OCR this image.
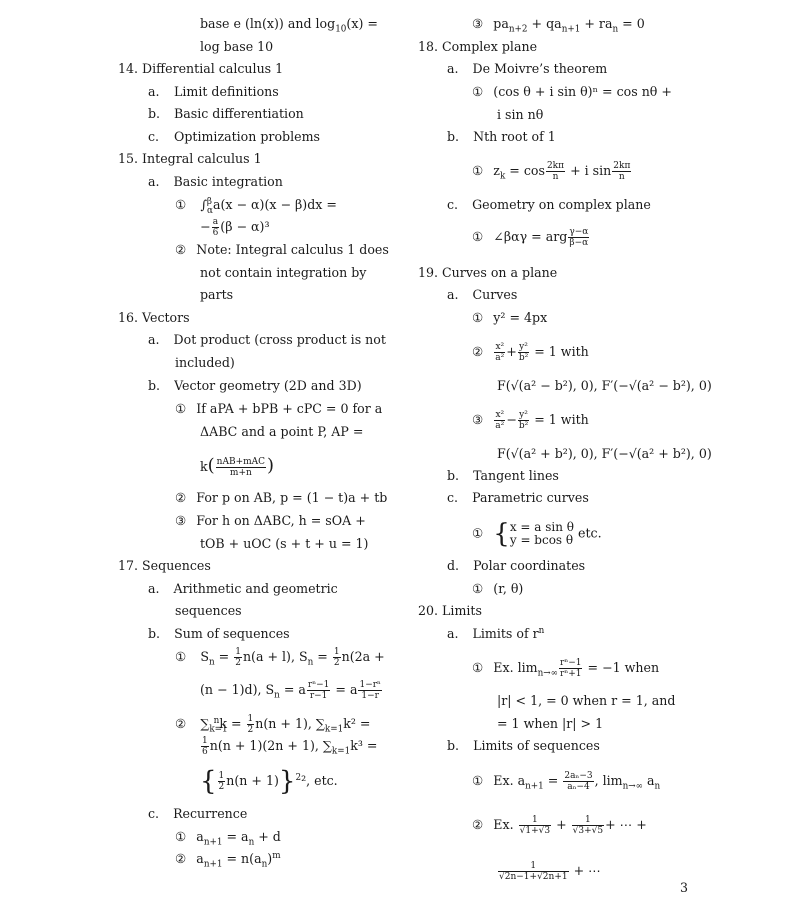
base e (ln(x)) and $\log_{10}(x)$ =
log base 10
14. Differential calculus 1
a. Limit definitions
b. Basic differentiation
c. Optimization problems
15. Integral calculus 1
a. Basic integration
① ∫$^\beta_\alpha$a(x − α)(x − β)dx =
− $\frac{a}{6} (\beta - \alpha)^3$
② Note: Integral calculus 1 does
not contain integration by
parts
16. Vectors
a. Dot product (cross product is not
included)
b. Vector geometry (2D and 3D)
① If aPA + bPB + cPC = 0 for a
ΔABC and a point P, AP =
$k( \frac{\text{nAB+mAC}}{m+n}$ )
② For p on AB, p = (1 − t)a + tb
③ For h on ΔABC, h = sOA +
tOB + uOC (s + t + u = 1)
17. Sequences
a. Arithmetic and geometric
sequences
b. Sum of sequences
① $S_n = \frac{1}{2} n(a + l)$, $S_n = \frac{1}{2} n(2a$ +
(n − 1)d), $S_n = a \frac{\text{rⁿ−1}}{r-1} = a \frac{\text{1−rⁿ}}{1-r}$
② $\sum_{k=1}^nk = \frac{1}{2} n(n + 1)$, $\sum_{k=1}k^2$ =
$\frac{1}{6} n(n + 1)(2n + 1)$, $\sum_{k=1}k^3$ =
{ $\frac{1}{2} n(n + 1)\}^2^2$, etc.
c. Recurrence
① $a_{n+1} = a_n + d$
② $a_{n+1} = n(a_n)^m$
③ $pa_{n+2} + qa_{n+1} + ra_n = 0$
18. Complex plane
a. De Moivre’s theorem
① (cos θ + i sin θ)ⁿ = cos nθ +
i sin nθ
b. Nth root of 1
① $z_k = \cos \frac{2k\pi}{n} + i$ $\sin \frac{2k\pi}{n}$
c. Geometry on complex plane
① ∠βαγ = arg $\frac{\gamma-\alpha}{\beta-\alpha}$
19. Curves on a plane
a. Curves
① y² = 4px
② $\frac{\text{x²}}{\text{a²}} + \frac{\text{y²}}{\text{b²}} = 1$ with
F(√(a² − b²), 0), F′(−√(a² − b²), 0)
③ $\frac{\text{x²}}{\text{a²}} - \frac{\text{y²}}{\text{b²}} = 1$ with
F(√(a² + b²), 0), F′(−√(a² + b²), 0)
b. Tangent lines
c. Parametric curves
① { x = a sin θ
y = bcos θ etc.
d. Polar coordinates
① (r, θ)
20. Limits
a. Limits of $r^n$
① Ex. $\lim_{n\to\infty} \frac{\text{rⁿ−1}}{\text{rⁿ+1}} = -1$ when
|r| < 1, = 0 when r = 1, and
= 1 when |r| > 1
b. Limits of sequences
① Ex. $a_{n+1} = \frac{\text{2aₙ−3}}{\text{aₙ−4}}$ , $\lim_{n\to\infty} a_n$
② Ex. $\frac{1}{√1+√3} + \frac{1}{√3+√5}$ + ⋯ +
$\frac{1}{√2n-1+√2n+1}$ + ⋯
3
